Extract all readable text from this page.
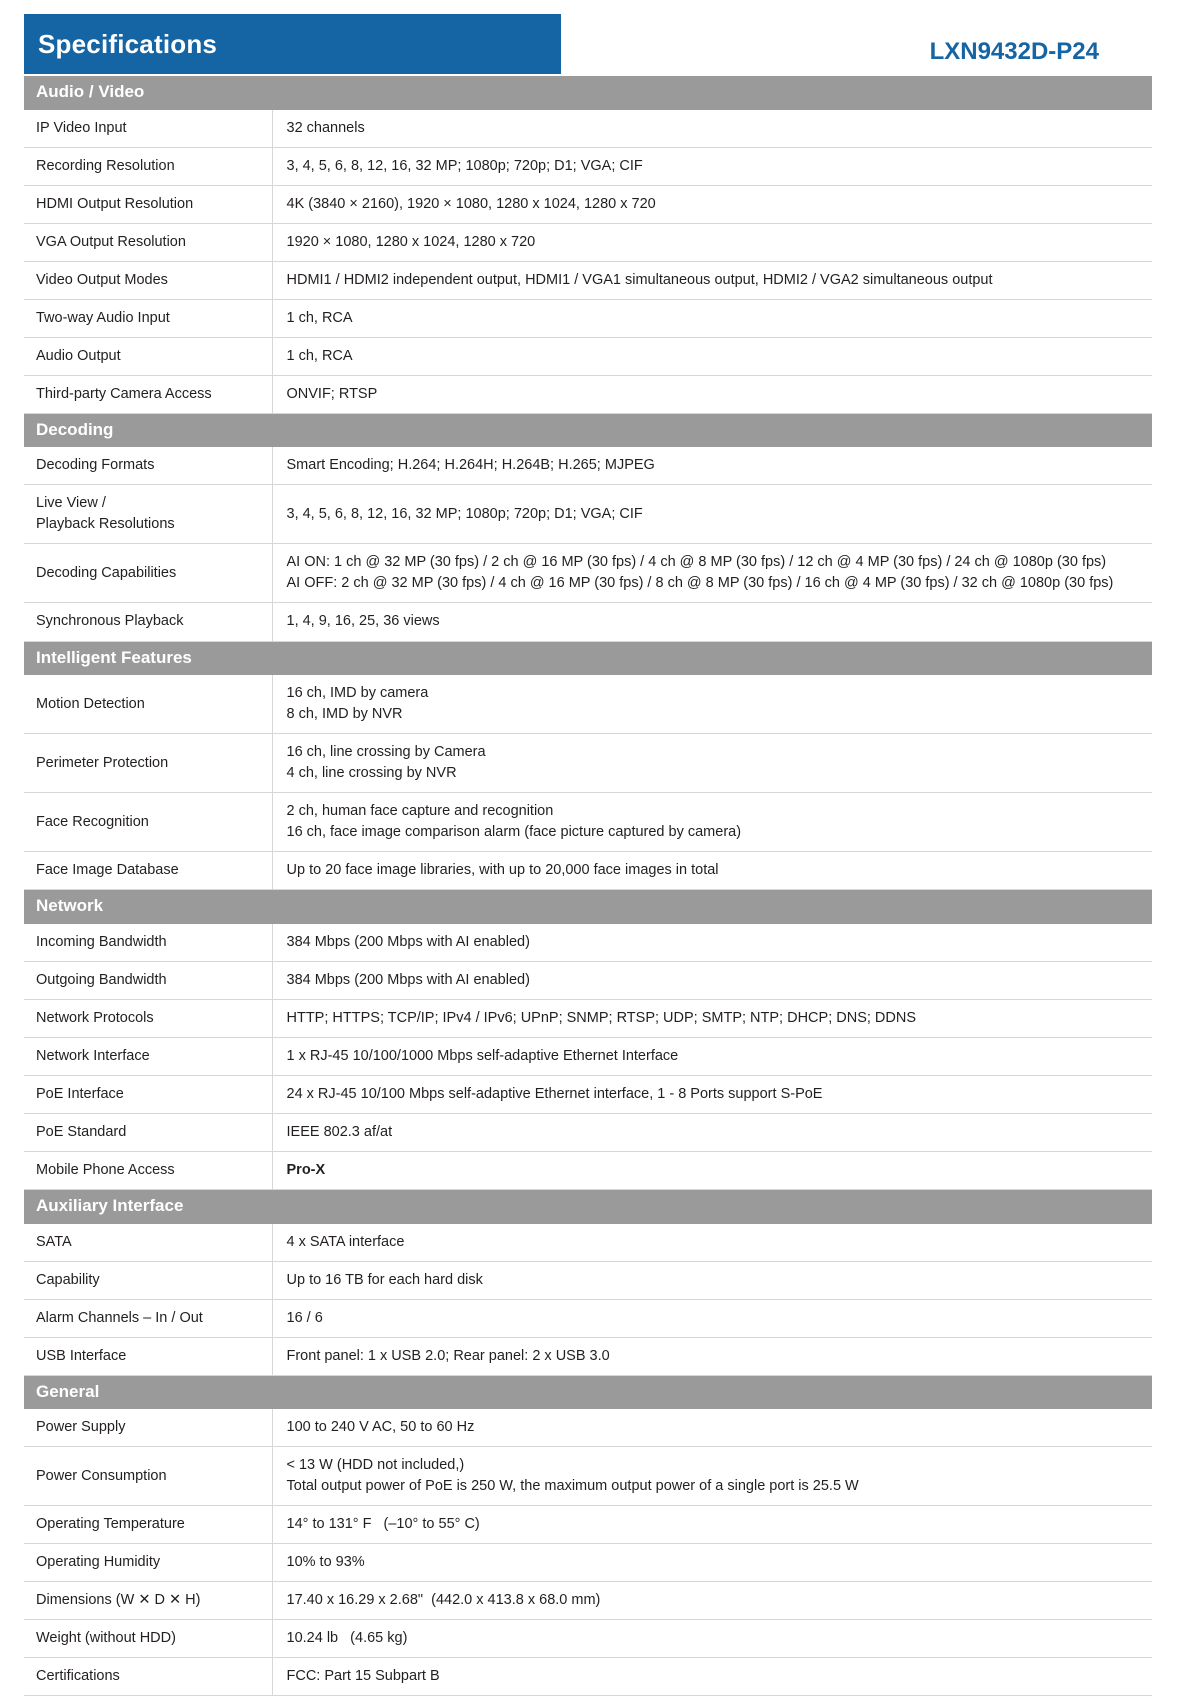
Specifications	LXN9432D-P24
Audio / Video	

IP Video Input	32 channels

Recording Resolution	3, 4, 5, 6, 8, 12, 16, 32 MP; 1080p; 720p; D1; VGA; CIF

HDMI Output Resolution	4K (3840 × 2160), 1920 × 1080, 1280 x 1024, 1280 x 720

VGA Output Resolution	1920 × 1080, 1280 x 1024, 1280 x 720

Video Output Modes	HDMI1 / HDMI2 independent output, HDMI1 / VGA1 simultaneous output, HDMI2 / VGA2 simultaneous output

Two-way Audio Input	1 ch, RCA

Audio Output	1 ch, RCA

Third-party Camera Access	ONVIF; RTSP

Decoding	

Decoding Formats	Smart Encoding; H.264; H.264H; H.264B; H.265; MJPEG

Live View /
Playback Resolutions	3, 4, 5, 6, 8, 12, 16, 32 MP; 1080p; 720p; D1; VGA; CIF

Decoding Capabilities	AI ON: 1 ch @ 32 MP (30 fps) / 2 ch @ 16 MP (30 fps) / 4 ch @ 8 MP (30 fps) / 12 ch @ 4 MP (30 fps) / 24 ch @ 1080p (30 fps)
AI OFF: 2 ch @ 32 MP (30 fps) / 4 ch @ 16 MP (30 fps) / 8 ch @ 8 MP (30 fps) / 16 ch @ 4 MP (30 fps) / 32 ch @ 1080p (30 fps)

Synchronous Playback	1, 4, 9, 16, 25, 36 views

Intelligent Features	

Motion Detection	16 ch, IMD by camera
8 ch, IMD by NVR

Perimeter Protection	16 ch, line crossing by Camera
4 ch, line crossing by NVR

Face Recognition	2 ch, human face capture and recognition
16 ch, face image comparison alarm (face picture captured by camera)

Face Image Database	Up to 20 face image libraries, with up to 20,000 face images in total

Network	

Incoming Bandwidth	384 Mbps (200 Mbps with AI enabled)

Outgoing Bandwidth	384 Mbps (200 Mbps with AI enabled)

Network Protocols	HTTP; HTTPS; TCP/IP; IPv4 / IPv6; UPnP; SNMP; RTSP; UDP; SMTP; NTP; DHCP; DNS; DDNS

Network Interface	1 x RJ-45 10/100/1000 Mbps self-adaptive Ethernet Interface

PoE Interface	24 x RJ-45 10/100 Mbps self-adaptive Ethernet interface, 1 - 8 Ports support S-PoE

PoE Standard	IEEE 802.3 af/at

Mobile Phone Access	Pro-X

Auxiliary Interface	

SATA	4 x SATA interface

Capability	Up to 16 TB for each hard disk

Alarm Channels – In / Out	16 / 6

USB Interface	Front panel: 1 x USB 2.0; Rear panel: 2 x USB 3.0

General	

Power Supply	100 to 240 V AC, 50 to 60 Hz

Power Consumption	< 13 W (HDD not included,)
Total output power of PoE is 250 W, the maximum output power of a single port is 25.5 W

Operating Temperature	14° to 131° F   (–10° to 55° C)

Operating Humidity	10% to 93%

Dimensions (W ✕ D ✕ H)	17.40 x 16.29 x 2.68"  (442.0 x 413.8 x 68.0 mm)

Weight (without HDD)	10.24 lb   (4.65 kg)

Certifications	FCC: Part 15 Subpart B
